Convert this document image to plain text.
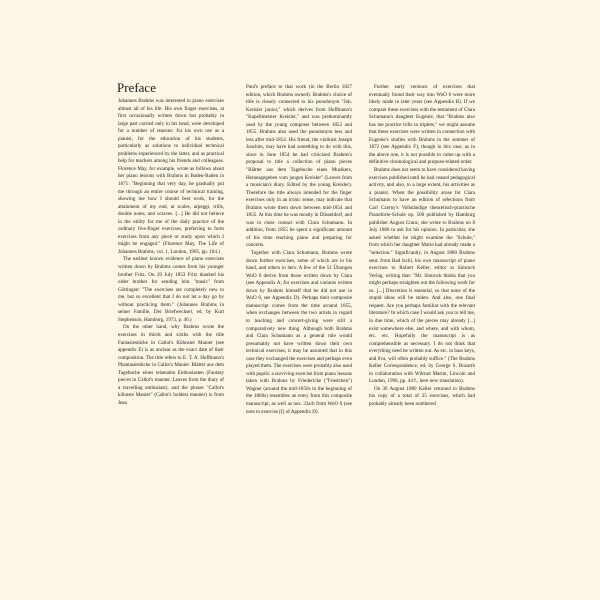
Preface

Johannes Brahms was interested in piano exercises almost all of his life. His own finger exercises, at first occasionally written down but probably in large part carried only in his head, were developed for a number of reasons: for his own use as a pianist, for the education of his students, particularly as solutions to individual technical problems experienced by the latter, and as practical help for teachers among his friends and colleagues. Florence May, for example, wrote as follows about her piano lessons with Brahms in Baden-Baden in 1871: "Beginning that very day, he gradually put me through an entire course of technical training, showing me how I should best work, for the attainment of my end, at scales, arpeggi, trills, double notes, and octaves. [...] He did not believe in the utility for me of the daily practice of the ordinary five-finger exercises, preferring to form exercises from any piece or study upon which I might be engaged." (Florence May, The Life of Johannes Brahms, vol. 1, London, 1905, pp. 104.)

The earliest known evidence of piano exercises written down by Brahms comes from his younger brother Fritz. On 29 July 1853 Fritz thanked his older brother for sending him "music" from Göttingen: "The exercises are completely new to me, but so excellent that I do not let a day go by without practicing them." (Johannes Brahms in seiner Familie. Der Briefwechsel, ed. by Kurt Stephenson, Hamburg, 1973, p. 46.)

On the other hand, why Brahms wrote the exercises in thirds and sixths with the title Fantasiestücke in Callot's Kühnster Manier (see appendix E) is as unclear as the exact date of their composition. The title refers to E. T. A. Hoffmann's Phantasiestücke in Callot's Manier. Blätter aus dem Tagebuche eines reisenden Enthusiasten (Fantasy pieces in Callot's manner. Leaves from the diary of a travelling enthusiast), and the phrase "Callot's kühnste Manier" (Callot's boldest manner) is from Jean

Paul's preface to that work (in the Berlin 1827 edition, which Brahms owned). Brahms's choice of title is closely connected to his pseudonym "Joh. Kreisler junior," which derives from Hoffmann's "Kapellmeister Kreisler," and was predominantly used by the young composer between 1852 and 1855. Brahms also used the pseudonym less and less after mid-1854. His friend, the violinist Joseph Joachim, may have had something to do with this, since in June 1854 he had criticized Brahms's proposal to title a collection of piano pieces "Blätter aus dem Tagebuche eines Musikers, Herausgegeben vom jungen Kreisler" (Leaves from a musician's diary. Edited by the young Kreisler). Therefore the title always intended for the finger exercises only in an ironic sense, may indicate that Brahms wrote them down between mid-1854 and 1855. At this time he was mostly in Düsseldorf, and was in close contact with Clara Schumann. In addition, from 1855 he spent a significant amount of his time teaching piano and preparing for concerts.

Together with Clara Schumann, Brahms wrote down further exercises, some of which are in his hand, and others in hers. A few of the 51 Übungen WoO 6 derive from those written down by Clara (see Appendix A; for exercises and variants written down by Brahms himself that he did not use in WoO 6, see Appendix D). Perhaps their composite manuscript comes from the time around 1855, when exchanges between the two artists in regard to teaching and concert-giving were still a comparatively new thing. Although both Brahms and Clara Schumann as a general rule would presumably not have written down their own technical exercises, it may be assumed that in this case they exchanged the exercises and perhaps even played them. The exercises were probably also used with pupils: a surviving exercise from piano lessons taken with Brahms by Friedericke ("Friedchen") Wagner (around the mid-1850s to the beginning of the 1860s) resembles an entry from this composite manuscript, as well as nos. 33a/b from WoO 6 (see note to exercise [I] of Appendix D).

Further early versions of exercises that eventually found their way into WoO 6 were more likely made in later years (see Appendix B). If we compare these exercises with the testament of Clara Schumann's daughter Eugenie, that "Brahms also has me practice trills in triplets," we might assume that these exercises were written in connection with Eugenie's studies with Brahms in the summer of 1872 (see Appendix F); though in this case, as in the above one, it is not possible to come up with a definitive chronological and purpose-related order.

Brahms does not seem to have considered having exercises published until he had ceased pedagogical activity, and also, to a large extent, his activities as a pianist. When the possibility arose for Clara Schumann to have an edition of selections from Carl Czerny's Vollständige theoretisch-practische Pianoforte-Schule op. 500 published by Hamburg publisher August Cranz, she wrote to Brahms on 8 July 1880 to ask for his opinion. In particular, she asked whether he might examine the "Schule," from which her daughter Marie had already made a "selection." Significantly, in August 1880 Brahms sent, from Bad Ischl, his own manuscript of piano exercises to Robert Keller, editor at Simrock Verlag, writing that: "Mr. Simrock thinks that you might perhaps straighten out the following work for us. [...] Discretion is essential, so that none of the stupid ideas will be stolen. And also, one final request. Are you perhaps familiar with the relevant literature? In which case I would ask you to tell me, in due time, which of the pieces may already [...] exist somewhere else, and where, and with whom, etc. etc. Hopefully the manuscript is as comprehensible as necessary. I do not think that everything need be written out. As etc. in bass keys, and 8va, will often probably suffice." (The Brahms Keller Correspondence, ed. by George S. Bozarth in collaboration with Wiltrud Martin, Lincoln and London, 1996, pp. 44 f., here new translation).

On 30 August 1880 Keller returned to Brahms his copy of a total of 35 exercises, which had probably already been numbered
